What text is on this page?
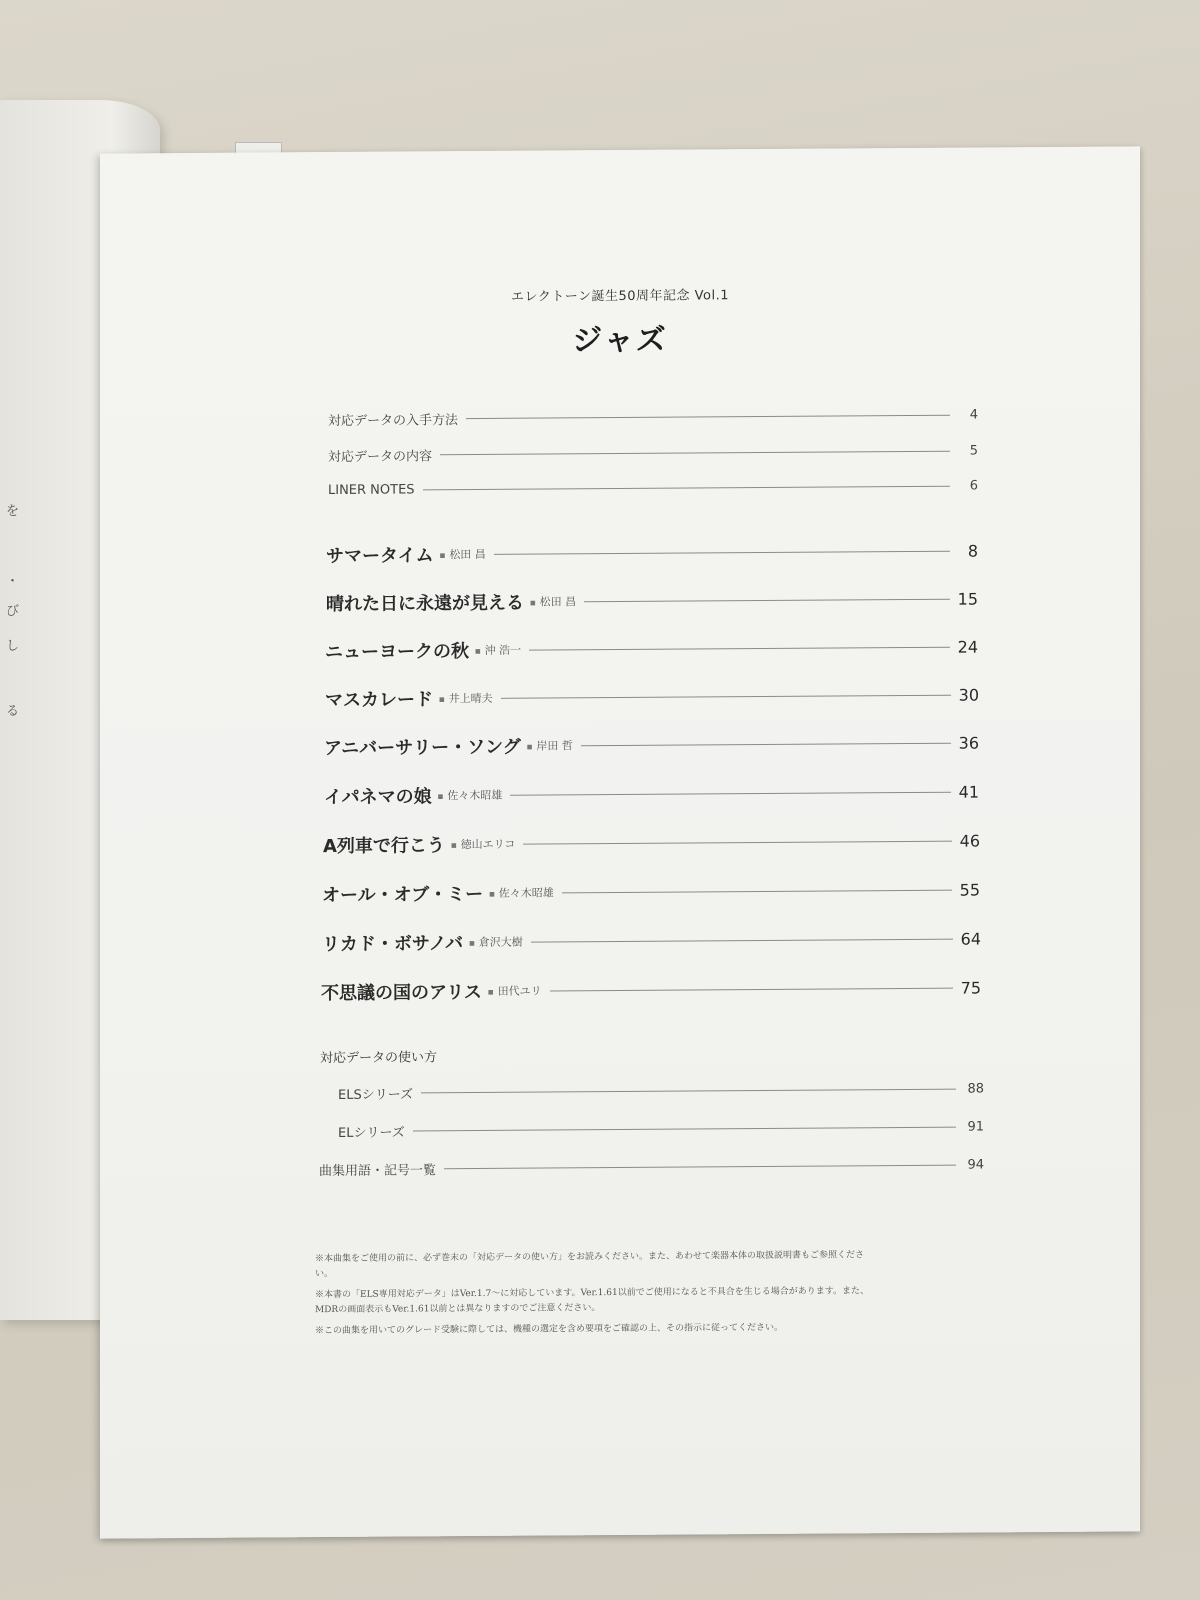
を
・
び
し
る
エレクトーン誕生50周年記念 Vol.1
ジャズ
対応データの入手方法	4
対応データの内容	5
LINER NOTES	6
サマータイム	■ 松田 昌	8
晴れた日に永遠が見える	■ 松田 昌	15
ニューヨークの秋	■ 沖 浩一	24
マスカレード	■ 井上晴夫	30
アニバーサリー・ソング	■ 岸田 哲	36
イパネマの娘	■ 佐々木昭雄	41
A列車で行こう	■ 徳山エリコ	46
オール・オブ・ミー	■ 佐々木昭雄	55
リカド・ボサノバ	■ 倉沢大樹	64
不思議の国のアリス	■ 田代ユリ	75
対応データの使い方
ELSシリーズ	88
ELシリーズ	91
曲集用語・記号一覧	94

※本曲集をご使用の前に、必ず巻末の「対応データの使い方」をお読みください。また、あわせて楽器本体の取扱説明書もご参照ください。

※本書の「ELS専用対応データ」はVer.1.7〜に対応しています。Ver.1.61以前でご使用になると不具合を生じる場合があります。また、MDRの画面表示もVer.1.61以前とは異なりますのでご注意ください。

※この曲集を用いてのグレード受験に際しては、機種の選定を含め要項をご確認の上、その指示に従ってください。
